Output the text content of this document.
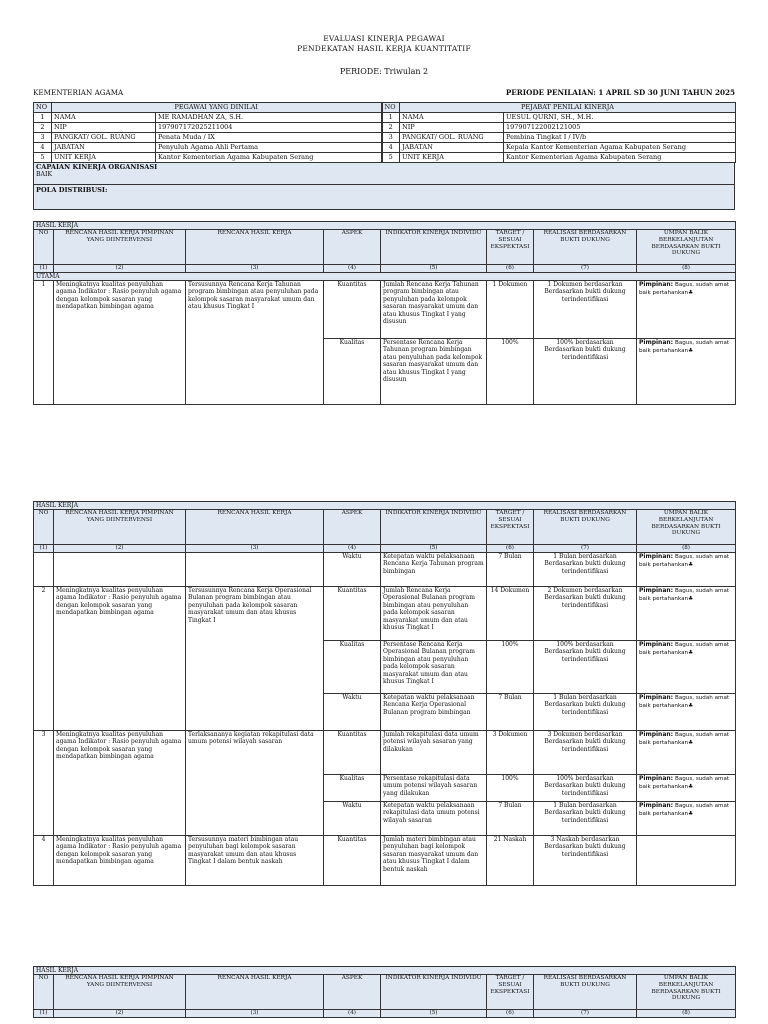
EVALUASI KINERJA PEGAWAI
PENDEKATAN HASIL KERJA KUANTITATIF
PERIODE: Triwulan 2
KEMENTERIAN AGAMA	PERIODE PENILAIAN: 1 APRIL SD 30 JUNI TAHUN 2025
NO	PEGAWAI YANG DINILAI		NO	PEJABAT PENILAI KINERJA	
1	NAMA	ME RAMADHAN ZA, S.H.	1	NAMA	UESUL QURNI, SH., M.H.
2	NIP	197907172025211004	2	NIP	197907122002121005
3	PANGKAT/ GOL. RUANG	Penata Muda / IX	3	PANGKAT/ GOL. RUANG	Pembina Tingkat I / IV/b
4	JABATAN	Penyuluh Agama Ahli Pertama	4	JABATAN	Kepala Kantor Kementerian Agama Kabupaten Serang
5	UNIT KERJA	Kantor Kementerian Agama Kabupaten Serang	5	UNIT KERJA	Kantor Kementerian Agama Kabupaten Serang
CAPAIAN KINERJA ORGANISASI
BAIK

POLA DISTRIBUSI:
HASIL KERJA							
NO	RENCANA HASIL KERJA PIMPINAN YANG DIINTERVENSI	RENCANA HASIL KERJA	ASPEK	INDIKATOR KINERJA INDIVIDU	TARGET / SESUAI EKSPEKTASI	REALISASI BERDASARKAN BUKTI DUKUNG	UMPAN BALIK BERKELANJUTAN BERDASARKAN BUKTI DUKUNG
(1)	(2)	(3)	(4)	(5)	(6)	(7)	(8)
UTAMA							
1	Meningkatnya kualitas penyuluhan agama Indikator : Rasio penyuluh agama dengan kelompok sasaran yang mendapatkan bimbingan agama	Tersusunnya Rencana Kerja Tahunan program bimbingan atau penyuluhan pada kelompok sasaran masyarakat umum dan atau khusus Tingkat I	Kuantitas	Jumlah Rencana Kerja Tahunan program bimbingan atau penyuluhan pada kelompok sasaran masyarakat umum dan atau khusus Tingkat I yang disusun	1 Dokumen	1 Dokumen berdasarkan Berdasarkan bukti dukung terindentifikasi	Pimpinan: Bagus, sudah amat baik pertahankan♣
			Kualitas	Persentase Rencana Kerja Tahunan program bimbingan atau penyuluhan pada kelompok sasaran masyarakat umum dan atau khusus Tingkat I yang disusun	100%	100% berdasarkan Berdasarkan bukti dukung terindentifikasi	Pimpinan: Bagus, sudah amat baik pertahankan♣
HASIL KERJA							
NO	RENCANA HASIL KERJA PIMPINAN YANG DIINTERVENSI	RENCANA HASIL KERJA	ASPEK	INDIKATOR KINERJA INDIVIDU	TARGET / SESUAI EKSPEKTASI	REALISASI BERDASARKAN BUKTI DUKUNG	UMPAN BALIK BERKELANJUTAN BERDASARKAN BUKTI DUKUNG
(1)	(2)	(3)	(4)	(5)	(6)	(7)	(8)
			Waktu	Ketepatan waktu pelaksanaan Rencana Kerja Tahunan program bimbingan	7 Bulan	1 Bulan berdasarkan Berdasarkan bukti dukung terindentifikasi	Pimpinan: Bagus, sudah amat baik pertahankan♣
2	Meningkatnya kualitas penyuluhan agama Indikator : Rasio penyuluh agama dengan kelompok sasaran yang mendapatkan bimbingan agama	Tersusunnya Rencana Kerja Operasional Bulanan program bimbingan atau penyuluhan pada kelompok sasaran masyarakat umum dan atau khusus Tingkat I	Kuantitas	Jumlah Rencana Kerja Operasional Bulanan program bimbingan atau penyuluhan pada kelompok sasaran masyarakat umum dan atau khusus Tingkat I	14 Dokumen	2 Dokumen berdasarkan Berdasarkan bukti dukung terindentifikasi	Pimpinan: Bagus, sudah amat baik pertahankan♣
			Kualitas	Persentase Rencana Kerja Operasional Bulanan program bimbingan atau penyuluhan pada kelompok sasaran masyarakat umum dan atau khusus Tingkat I	100%	100% berdasarkan Berdasarkan bukti dukung terindentifikasi	Pimpinan: Bagus, sudah amat baik pertahankan♣
			Waktu	Ketepatan waktu pelaksanaan Rencana Kerja Operasional Bulanan program bimbingan	7 Bulan	1 Bulan berdasarkan Berdasarkan bukti dukung terindentifikasi	Pimpinan: Bagus, sudah amat baik pertahankan♣
3	Meningkatnya kualitas penyuluhan agama Indikator : Rasio penyuluh agama dengan kelompok sasaran yang mendapatkan bimbingan agama	Terlaksananya kegiatan rekapitulasi data umum potensi wilayah sasaran	Kuantitas	Jumlah rekapitulasi data umum potensi wilayah sasaran yang dilakukan	3 Dokumen	3 Dokumen berdasarkan Berdasarkan bukti dukung terindentifikasi	Pimpinan: Bagus, sudah amat baik pertahankan♣
			Kualitas	Persentase rekapitulasi data umum potensi wilayah sasaran yang dilakukan	100%	100% berdasarkan Berdasarkan bukti dukung terindentifikasi	Pimpinan: Bagus, sudah amat baik pertahankan♣
			Waktu	Ketepatan waktu pelaksanaan rekapitulasi data umum potensi wilayah sasaran	7 Bulan	1 Bulan berdasarkan Berdasarkan bukti dukung terindentifikasi	Pimpinan: Bagus, sudah amat baik pertahankan♣
4	Meningkatnya kualitas penyuluhan agama Indikator : Rasio penyuluh agama dengan kelompok sasaran yang mendapatkan bimbingan agama	Tersusunnya materi bimbingan atau penyuluhan bagi kelompok sasaran masyarakat umum dan atau khusus Tingkat I dalam bentuk naskah	Kuantitas	Jumlah materi bimbingan atau penyuluhan bagi kelompok sasaran masyarakat umum dan atau khusus Tingkat I dalam bentuk naskah	21 Naskah	3 Naskah berdasarkan Berdasarkan bukti dukung terindentifikasi	
HASIL KERJA							
NO	RENCANA HASIL KERJA PIMPINAN YANG DIINTERVENSI	RENCANA HASIL KERJA	ASPEK	INDIKATOR KINERJA INDIVIDU	TARGET / SESUAI EKSPEKTASI	REALISASI BERDASARKAN BUKTI DUKUNG	UMPAN BALIK BERKELANJUTAN BERDASARKAN BUKTI DUKUNG
(1)	(2)	(3)	(4)	(5)	(6)	(7)	(8)
